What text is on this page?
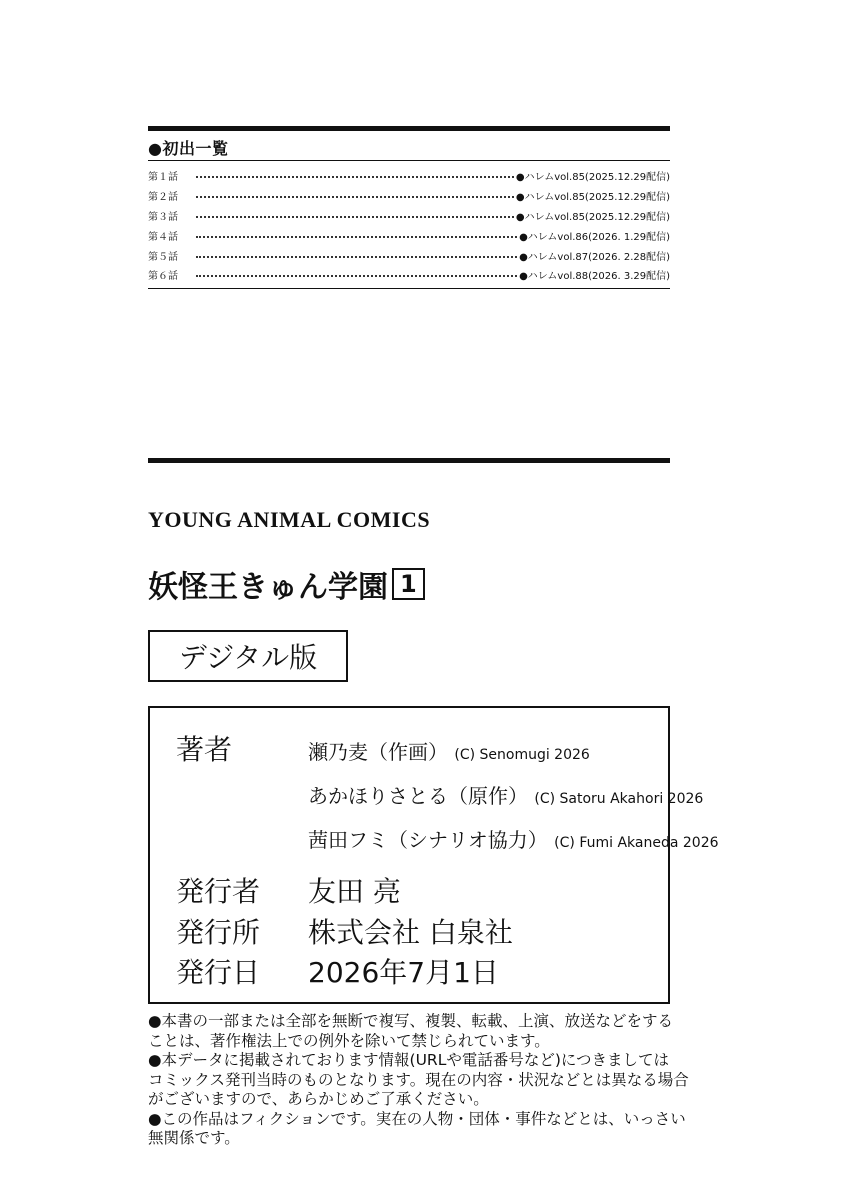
●初出一覧
第１話	●ハレムvol.85(2025.12.29配信)
第２話	●ハレムvol.85(2025.12.29配信)
第３話	●ハレムvol.85(2025.12.29配信)
第４話	●ハレムvol.86(2026. 1.29配信)
第５話	●ハレムvol.87(2026. 2.28配信)
第６話	●ハレムvol.88(2026. 3.29配信)
YOUNG ANIMAL COMICS
妖怪王きゅん学園 1
デジタル版
著者	瀬乃麦（作画） (C) Senomugi 2026
あかほりさとる（原作） (C) Satoru Akahori 2026
茜田フミ（シナリオ協力） (C) Fumi Akaneda 2026
発行者 友田 亮
発行所 株式会社 白泉社
発行日 2026年7月1日
●本書の一部または全部を無断で複写、複製、転載、上演、放送などをする
ことは、著作権法上での例外を除いて禁じられています。
●本データに掲載されております情報(URLや電話番号など)につきましては
コミックス発刊当時のものとなります。現在の内容・状況などとは異なる場合
がございますので、あらかじめご了承ください。
●この作品はフィクションです。実在の人物・団体・事件などとは、いっさい
無関係です。
